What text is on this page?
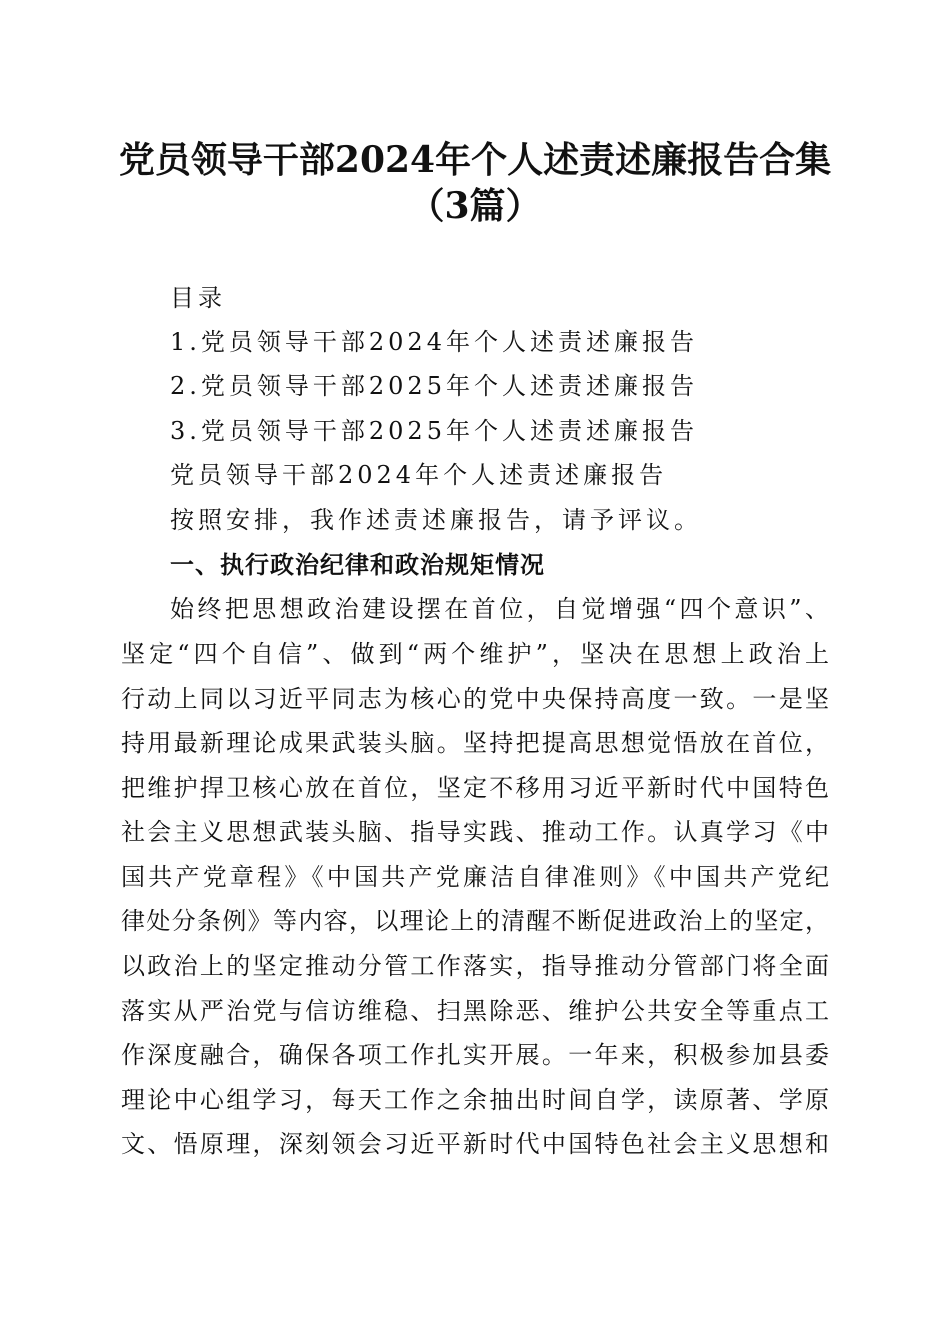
党员领导干部2024年个人述责述廉报告合集
（3篇）
目录
1.党员领导干部2024年个人述责述廉报告
2.党员领导干部2025年个人述责述廉报告
3.党员领导干部2025年个人述责述廉报告
党员领导干部2024年个人述责述廉报告
按照安排，我作述责述廉报告，请予评议。
一、执行政治纪律和政治规矩情况
始终把思想政治建设摆在首位，自觉增强“四个意识”、
坚定“四个自信”、做到“两个维护”，坚决在思想上政治上
行动上同以习近平同志为核心的党中央保持高度一致。一是坚
持用最新理论成果武装头脑。坚持把提高思想觉悟放在首位，
把维护捍卫核心放在首位，坚定不移用习近平新时代中国特色
社会主义思想武装头脑、指导实践、推动工作。认真学习《中
国共产党章程》《中国共产党廉洁自律准则》《中国共产党纪
律处分条例》等内容，以理论上的清醒不断促进政治上的坚定，
以政治上的坚定推动分管工作落实，指导推动分管部门将全面
落实从严治党与信访维稳、扫黑除恶、维护公共安全等重点工
作深度融合，确保各项工作扎实开展。一年来，积极参加县委
理论中心组学习，每天工作之余抽出时间自学，读原著、学原
文、悟原理，深刻领会习近平新时代中国特色社会主义思想和
